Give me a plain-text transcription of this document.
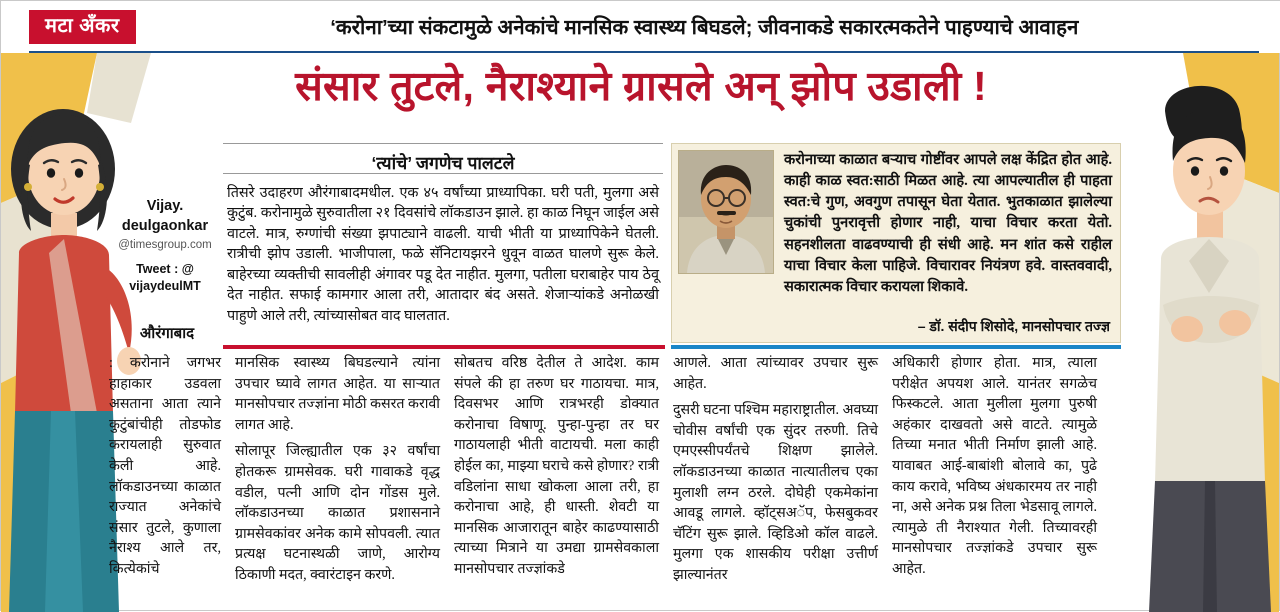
मटा अँकर	‘करोना’च्या संकटामुळे अनेकांचे मानसिक स्वास्थ्य बिघडले; जीवनाकडे सकारत्मकतेने पाहण्याचे आवाहन
संसार तुटले, नैराश्याने ग्रासले अन् झोप उडाली !
Vijay.
deulgaonkar
@timesgroup.com
Tweet : @
vijaydeulMT
औरंगाबाद
‘त्यांचे’ जगणेच पालटले
तिसरे उदाहरण औरंगाबादमधील. एक ४५ वर्षांच्या प्राध्यापिका. घरी पती, मुलगा असे कुटुंब. करोनामुळे सुरुवातीला २१ दिवसांचे लॉकडाउन झाले. हा काळ निघून जाईल असे वाटले. मात्र, रुग्णांची संख्या झपाट्याने वाढली. याची भीती या प्राध्यापिकेने घेतली. रात्रीची झोप उडाली. भाजीपाला, फळे सॅनिटायझरने धुवून वाळत घालणे सुरू केले. बाहेरच्या व्यक्तीची सावलीही अंगावर पडू देत नाहीत. मुलगा, पतीला घराबाहेर पाय ठेवू देत नाहीत. सफाई कामगार आला तरी, आतादार बंद असते. शेजाऱ्यांकडे अनोळखी पाहुणे आले तरी, त्यांच्यासोबत वाद घालतात.
करोनाच्या काळात बऱ्याच गोष्टींवर आपले लक्ष केंद्रित होत आहे. काही काळ स्वत:साठी मिळत आहे. त्या आपल्यातील ही पाहता स्वत:चे गुण, अवगुण तपासून घेता येतात. भुतकाळात झालेल्या चुकांची पुनरावृत्ती होणार नाही, याचा विचार करता येतो. सहनशीलता वाढवण्याची ही संधी आहे. मन शांत कसे राहील याचा विचार केला पाहिजे. विचारावर नियंत्रण हवे. वास्तववादी, सकारात्मक विचार करायला शिकावे.
– डॉ. संदीप शिसोदे, मानसोपचार तज्ज्ञ

: करोनाने जगभर हाहाकार उडवला असताना आता त्याने कुटुंबांचीही तोडफोड करायलाही सुरुवात केली आहे. लॉकडाउनच्या काळात राज्यात अनेकांचे संसार तुटले, कुणाला नैराश्य आले तर, कित्येकांचे

मानसिक स्वास्थ्य बिघडल्याने त्यांना उपचार घ्यावे लागत आहेत. या साऱ्यात मानसोपचार तज्ज्ञांना मोठी कसरत करावी लागत आहे.

सोलापूर जिल्ह्यातील एक ३२ वर्षांचा होतकरू ग्रामसेवक. घरी गावाकडे वृद्ध वडील, पत्नी आणि दोन गोंडस मुले. लॉकडाउनच्या काळात प्रशासनाने ग्रामसेवकांवर अनेक कामे सोपवली. त्यात प्रत्यक्ष घटनास्थळी जाणे, आरोग्य ठिकाणी मदत, क्वारंटाइन करणे.

सोबतच वरिष्ठ देतील ते आदेश. काम संपले की हा तरुण घर गाठायचा. मात्र, दिवसभर आणि रात्रभरही डोक्यात करोनाचा विषाणू. पुन्हा-पुन्हा तर घर गाठायलाही भीती वाटायची. मला काही होईल का, माझ्या घराचे कसे होणार? रात्री वडिलांना साधा खोकला आला तरी, हा करोनाचा आहे, ही धास्ती. शेवटी या मानसिक आजारातून बाहेर काढण्यासाठी त्याच्या मित्राने या उमद्या ग्रामसेवकाला मानसोपचार तज्ज्ञांकडे

आणले. आता त्यांच्यावर उपचार सुरू आहेत.

दुसरी घटना पश्चिम महाराष्ट्रातील. अवघ्या चोवीस वर्षांची एक सुंदर तरुणी. तिचे एमएस्सीपर्यंतचे शिक्षण झालेले. लॉकडाउनच्या काळात नात्यातीलच एका मुलाशी लग्न ठरले. दोघेही एकमेकांना आवडू लागले. व्हॉट्सअॅप, फेसबुकवर चॅटिंग सुरू झाले. व्हिडिओ कॉल वाढले. मुलगा एक शासकीय परीक्षा उत्तीर्ण झाल्यानंतर

अधिकारी होणार होता. मात्र, त्याला परीक्षेत अपयश आले. यानंतर सगळेच फिस्कटले. आता मुलीला मुलगा पुरुषी अहंकार दाखवतो असे वाटते. त्यामुळे तिच्या मनात भीती निर्माण झाली आहे. यावाबत आई-बाबांशी बोलावे का, पुढे काय करावे, भविष्य अंधकारमय तर नाही ना, असे अनेक प्रश्न तिला भेडसावू लागले. त्यामुळे ती नैराश्यात गेली. तिच्यावरही मानसोपचार तज्ज्ञांकडे उपचार सुरू आहेत.
